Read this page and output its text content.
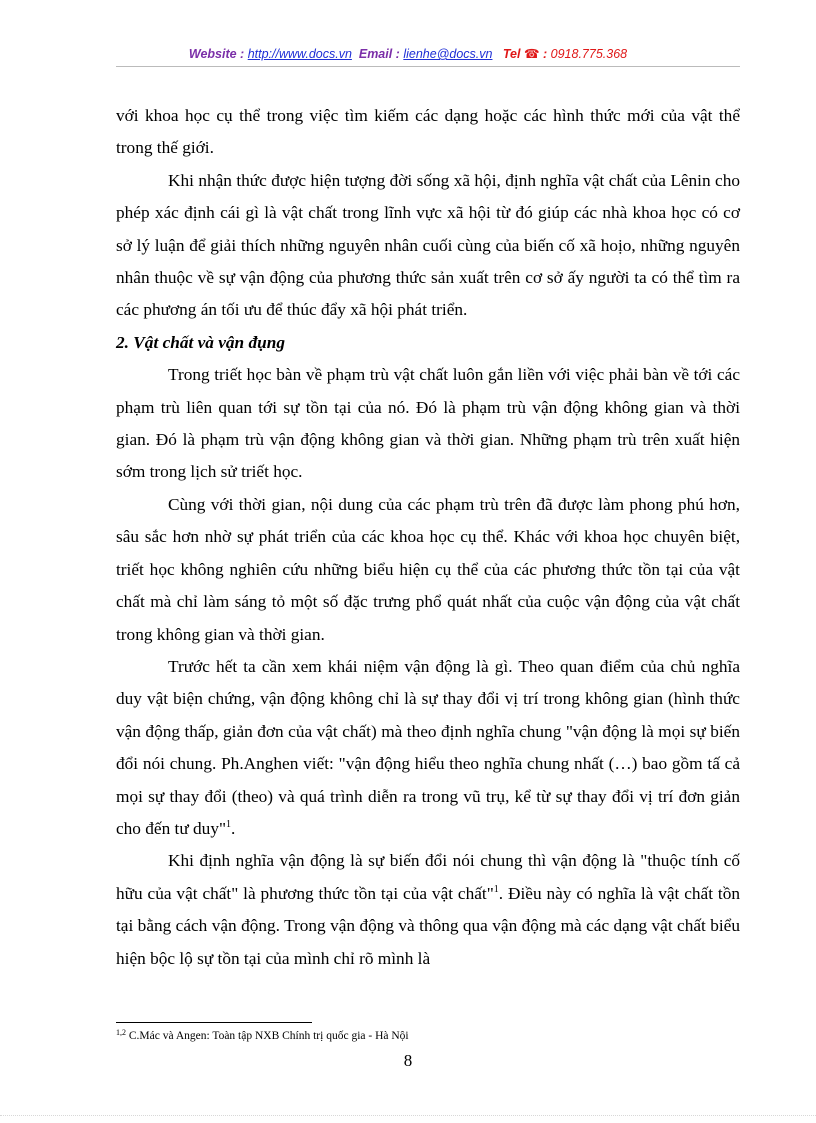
Website : http://www.docs.vn Email : lienhe@docs.vn Tel ☎ : 0918.775.368

với khoa học cụ thể trong việc tìm kiếm các dạng hoặc các hình thức mới của vật thể trong thế giới.

Khi nhận thức được hiện tượng đời sống xã hội, định nghĩa vật chất của Lênin cho phép xác định cái gì là vật chất trong lĩnh vực xã hội từ đó giúp các nhà khoa học có cơ sở lý luận để giải thích những nguyên nhân cuối cùng của biến cố xã hoịo, những nguyên nhân thuộc về sự vận động của phương thức sản xuất trên cơ sở ấy người ta có thể tìm ra các phương án tối ưu để thúc đẩy xã hội phát triển.

2. Vật chất và vận đụng

Trong triết học bàn về phạm trù vật chất luôn gắn liền với việc phải bàn về tới các phạm trù liên quan tới sự tồn tại của nó. Đó là phạm trù vận động không gian và thời gian. Đó là phạm trù vận động không gian và thời gian. Những phạm trù trên xuất hiện sớm trong lịch sử triết học.

Cùng với thời gian, nội dung của các phạm trù trên đã được làm phong phú hơn, sâu sắc hơn nhờ sự phát triển của các khoa học cụ thể. Khác với khoa học chuyên biệt, triết học không nghiên cứu những biểu hiện cụ thể của các phương thức tồn tại của vật chất mà chỉ làm sáng tỏ một số đặc trưng phổ quát nhất của cuộc vận động của vật chất trong không gian và thời gian.

Trước hết ta cần xem khái niệm vận động là gì. Theo quan điểm của chủ nghĩa duy vật biện chứng, vận động không chỉ là sự thay đổi vị trí trong không gian (hình thức vận động thấp, giản đơn của vật chất) mà theo định nghĩa chung "vận động là mọi sự biến đổi nói chung. Ph.Anghen viết: "vận động hiểu theo nghĩa chung nhất (…) bao gồm tấ cả mọi sự thay đổi (theo) và quá trình diễn ra trong vũ trụ, kể từ sự thay đổi vị trí đơn giản cho đến tư duy"$^1$.

Khi định nghĩa vận động là sự biến đổi nói chung thì vận động là "thuộc tính cố hữu của vật chất" là phương thức tồn tại của vật chất"$^1$. Điều này có nghĩa là vật chất tồn tại bằng cách vận động. Trong vận động và thông qua vận động mà các dạng vật chất biểu hiện bộc lộ sự tồn tại của mình chỉ rõ mình là

$^{1,2}$ C.Mác và Angen: Toàn tập NXB Chính trị quốc gia - Hà Nội
8
